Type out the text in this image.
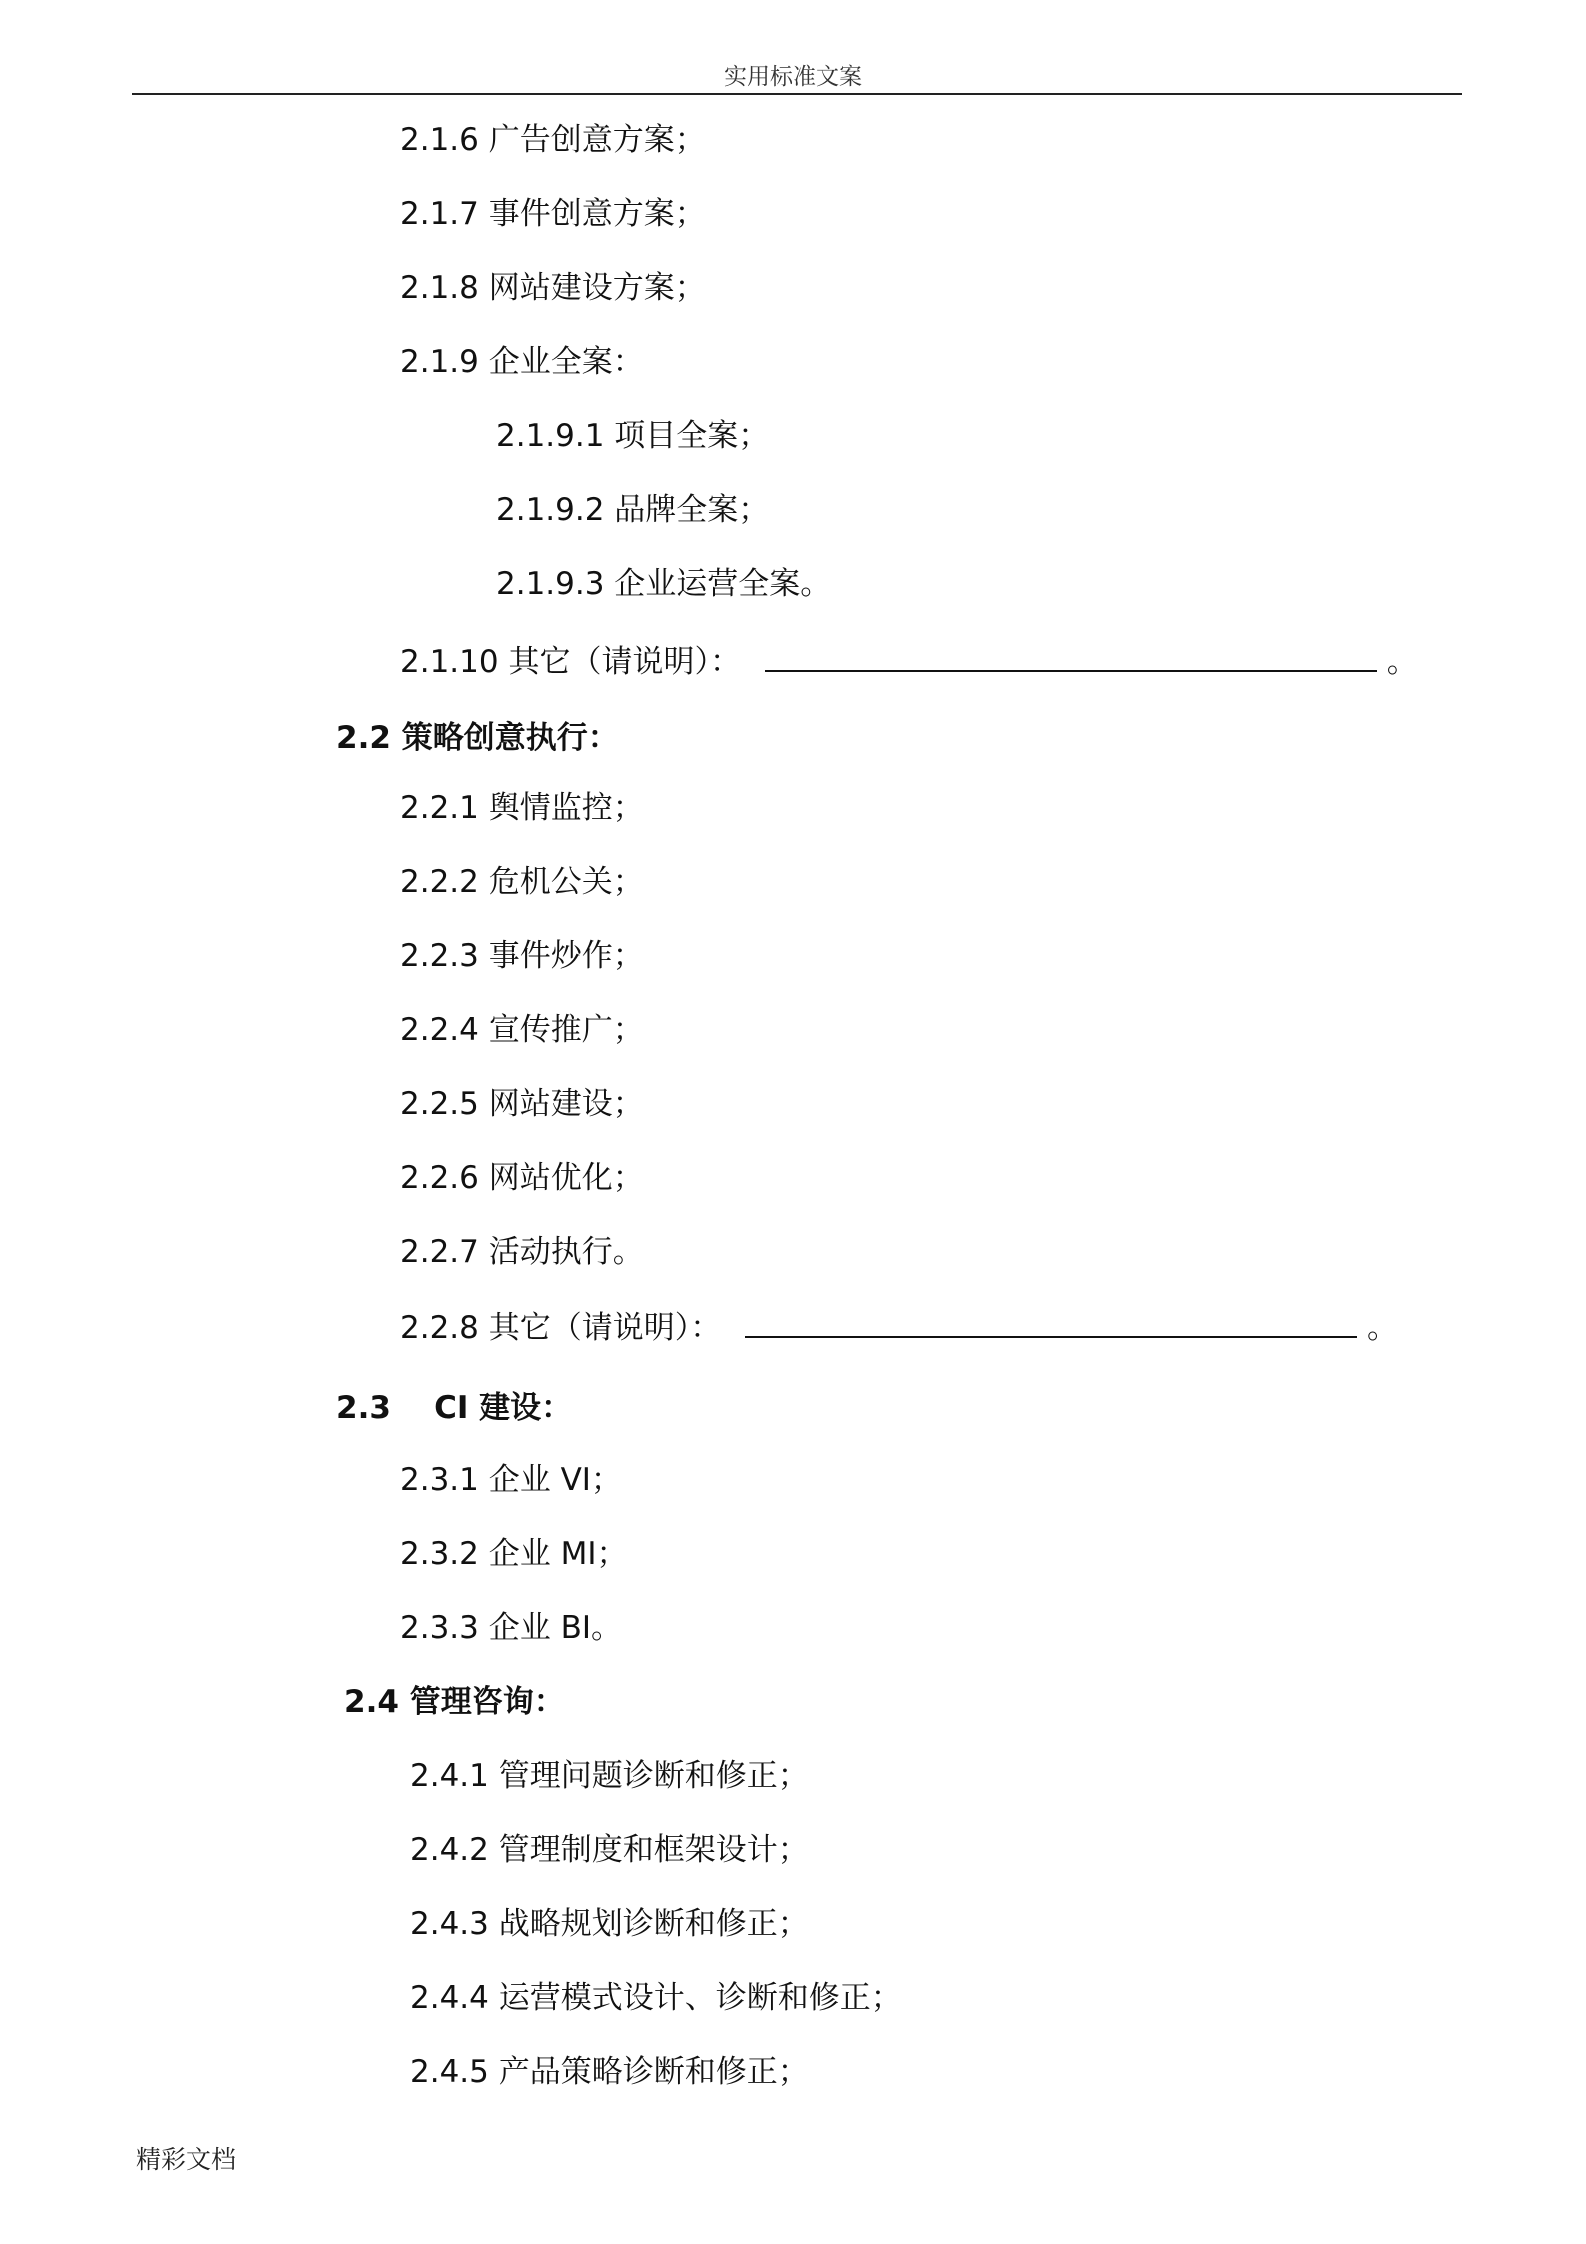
实用标准文案
2.1.6 广告创意方案；
2.1.7 事件创意方案；
2.1.8 网站建设方案；
2.1.9 企业全案：
2.1.9.1 项目全案；
2.1.9.2 品牌全案；
2.1.9.3 企业运营全案。
2.1.10 其它（请说明）：	。
2.2 策略创意执行：
2.2.1 舆情监控；
2.2.2 危机公关；
2.2.3 事件炒作；
2.2.4 宣传推广；
2.2.5 网站建设；
2.2.6 网站优化；
2.2.7 活动执行。
2.2.8 其它（请说明）：	。
2.3    CI 建设：
2.3.1 企业 VI；
2.3.2 企业 MI；
2.3.3 企业 BI。
2.4 管理咨询：
2.4.1 管理问题诊断和修正；
2.4.2 管理制度和框架设计；
2.4.3 战略规划诊断和修正；
2.4.4 运营模式设计、诊断和修正；
2.4.5 产品策略诊断和修正；
精彩文档
